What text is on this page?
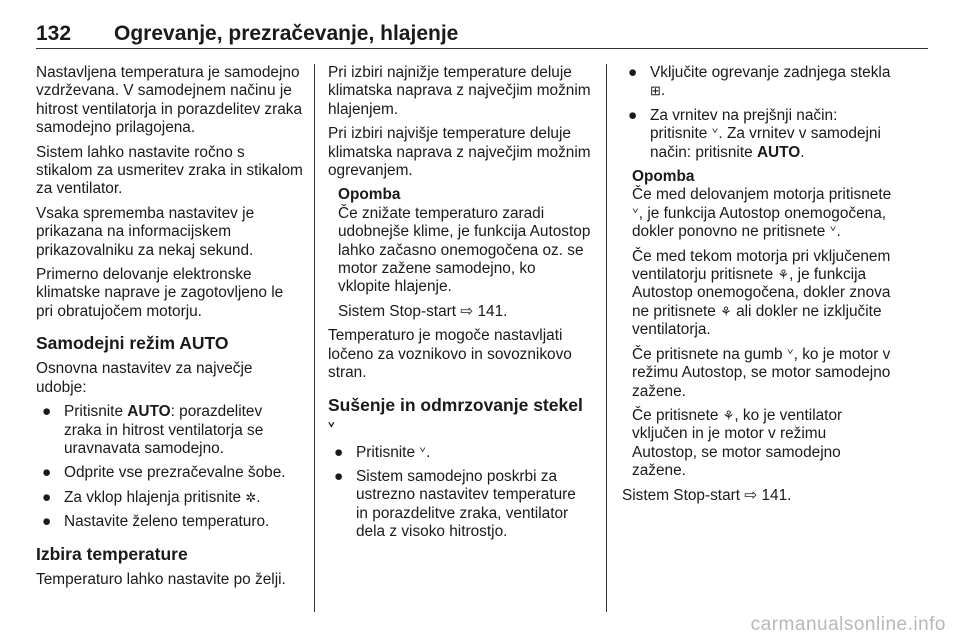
132 Ogrevanje, prezračevanje, hlajenje

Nastavljena temperatura je samodejno vzdrževana. V samodejnem načinu je hitrost ventilatorja in porazdelitev zraka samodejno prilagojena.

Sistem lahko nastavite ročno s stikalom za usmeritev zraka in stikalom za ventilator.

Vsaka sprememba nastavitev je prikazana na informacijskem prikazovalniku za nekaj sekund.

Primerno delovanje elektronske klimatske naprave je zagotovljeno le pri obratujočem motorju.

Samodejni režim AUTO

Osnovna nastavitev za največje udobje:

● Pritisnite AUTO: porazdelitev zraka in hitrost ventilatorja se uravnavata samodejno.
● Odprite vse prezračevalne šobe.
● Za vklop hlajenja pritisnite ✲.
● Nastavite želeno temperaturo.
Izbira temperature

Temperaturo lahko nastavite po želji.

Pri izbiri najnižje temperature deluje klimatska naprava z največjim možnim hlajenjem.

Pri izbiri najvišje temperature deluje klimatska naprava z največjim možnim ogrevanjem.

Opomba

Če znižate temperaturo zaradi udobnejše klime, je funkcija Autostop lahko začasno onemogočena oz. se motor zažene samodejno, ko vklopite hlajenje.

Sistem Stop-start ⇨ 141.

Temperaturo je mogoče nastavljati ločeno za voznikovo in sovoznikovo stran.

Sušenje in odmrzovanje stekel ᘁ
● Pritisnite ᘁ.
● Sistem samodejno poskrbi za ustrezno nastavitev temperature in porazdelitve zraka, ventilator dela z visoko hitrostjo.
● Vključite ogrevanje zadnjega stekla ⊞.
● Za vrnitev na prejšnji način: pritisnite ᘁ. Za vrnitev v samodejni način: pritisnite AUTO.
Opomba

Če med delovanjem motorja pritisnete ᘁ, je funkcija Autostop onemogočena, dokler ponovno ne pritisnete ᘁ.

Če med tekom motorja pri vključenem ventilatorju pritisnete ⚘, je funkcija Autostop onemogočena, dokler znova ne pritisnete ⚘ ali dokler ne izključite ventilatorja.

Če pritisnete na gumb ᘁ, ko je motor v režimu Autostop, se motor samodejno zažene.

Če pritisnete ⚘, ko je ventilator vključen in je motor v režimu Autostop, se motor samodejno zažene.

Sistem Stop-start ⇨ 141.

carmanualsonline.info
